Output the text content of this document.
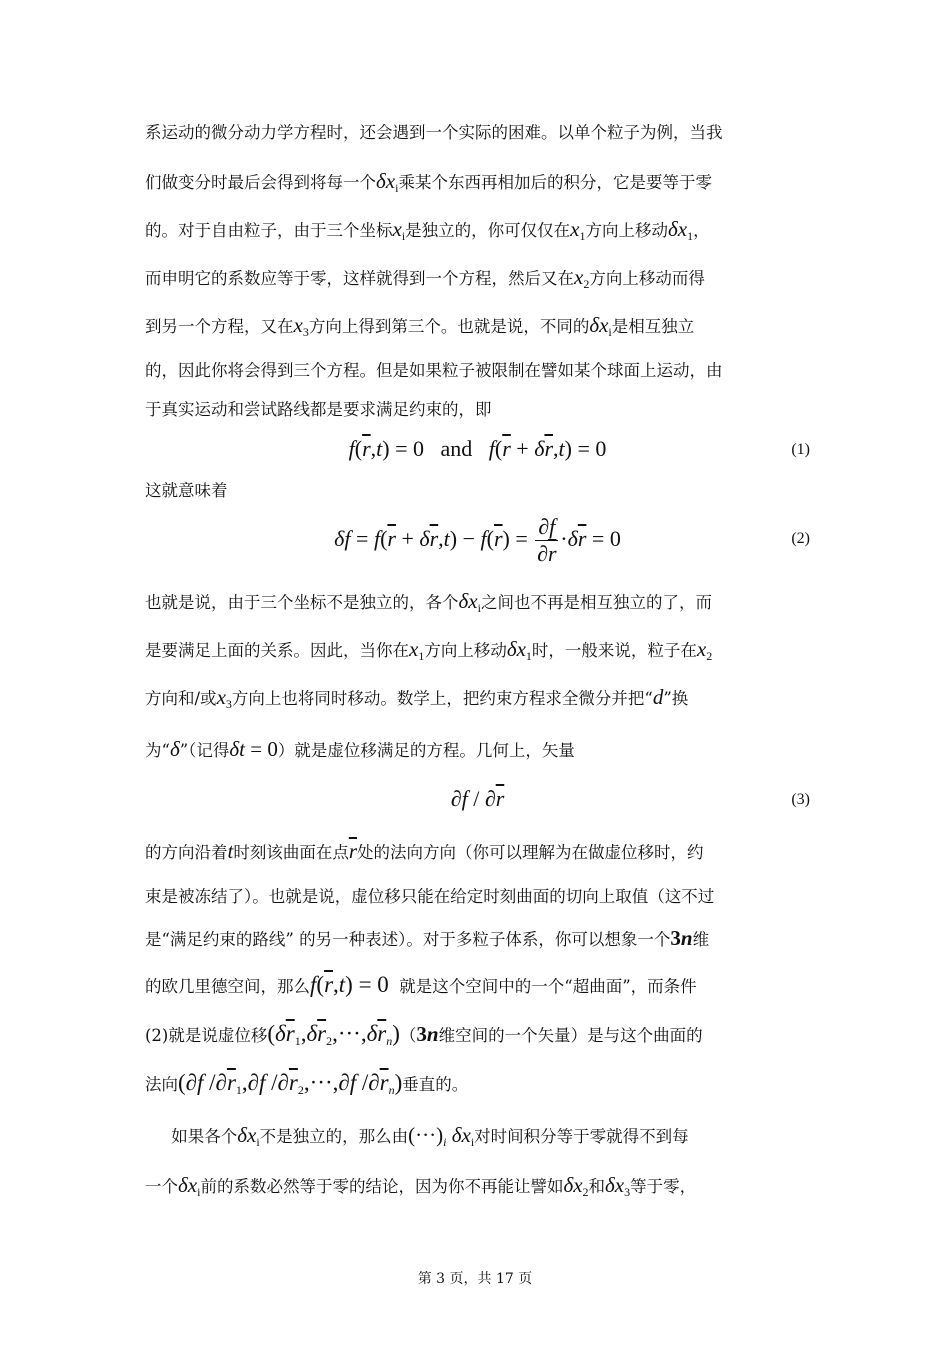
系运动的微分动力学方程时，还会遇到一个实际的困难。以单个粒子为例，当我
们做变分时最后会得到将每一个$\delta x_i$乘某个东西再相加后的积分，它是要等于零
的。对于自由粒子，由于三个坐标$x_i$是独立的，你可仅仅在$x_1$方向上移动$\delta x_1$，
而申明它的系数应等于零，这样就得到一个方程，然后又在$x_2$方向上移动而得
到另一个方程，又在$x_3$方向上得到第三个。也就是说，不同的$\delta x_i$是相互独立
的，因此你将会得到三个方程。但是如果粒子被限制在譬如某个球面上运动，由
于真实运动和尝试路线都是要求满足约束的，即
$f(\overline{r},t) = 0$   and $f(\overline{r} + \delta\overline{r},t) = 0$	(1)
这就意味着
$\delta f = f(\overline{r} + \delta\overline{r},t) - f(\overline{r}) = \frac{\partial f}{\partial\overline{r}} \cdot\delta\overline{r} = 0$	(2)
也就是说，由于三个坐标不是独立的，各个$\delta x_i$之间也不再是相互独立的了，而
是要满足上面的关系。因此，当你在$x_1$方向上移动$\delta x_1$时，一般来说，粒子在$x_2$
方向和/或$x_3$方向上也将同时移动。数学上，把约束方程求全微分并把“d”换
为“δ”（记得δt = 0）就是虚位移满足的方程。几何上，矢量
$\partial f / \partial\overline{r}$	(3)
的方向沿着t时刻该曲面在点$\overline{r}$处的法向方向（你可以理解为在做虚位移时，约
束是被冻结了）。也就是说，虚位移只能在给定时刻曲面的切向上取值（这不过
是“满足约束的路线” 的另一种表述）。对于多粒子体系，你可以想象一个3n维
的欧几里德空间，那么$f(\overline{r},t) = 0$ 就是这个空间中的一个“超曲面”，而条件
(2)就是说虚位移$(\delta\overline{r}_1,\delta\overline{r}_2,\cdot\cdot\cdot,\delta\overline{r}_n)(3n$维空间的一个矢量）是与这个曲面的
法向(∂f $/\partial\overline{r}_1,\partial f$ $/\partial\overline{r}_2,\cdot\cdot\cdot,\partial f$ $/\partial\overline{r}_n$)垂直的。
如果各个$\delta x_i$不是独立的，那么由$(\cdot\cdot\cdot)_i$ $\delta x_i$对时间积分等于零就得不到每
一个$\delta x_i$前的系数必然等于零的结论，因为你不再能让譬如$\delta x_2$和$\delta x_3$等于零，
第 3 页，共 17 页
